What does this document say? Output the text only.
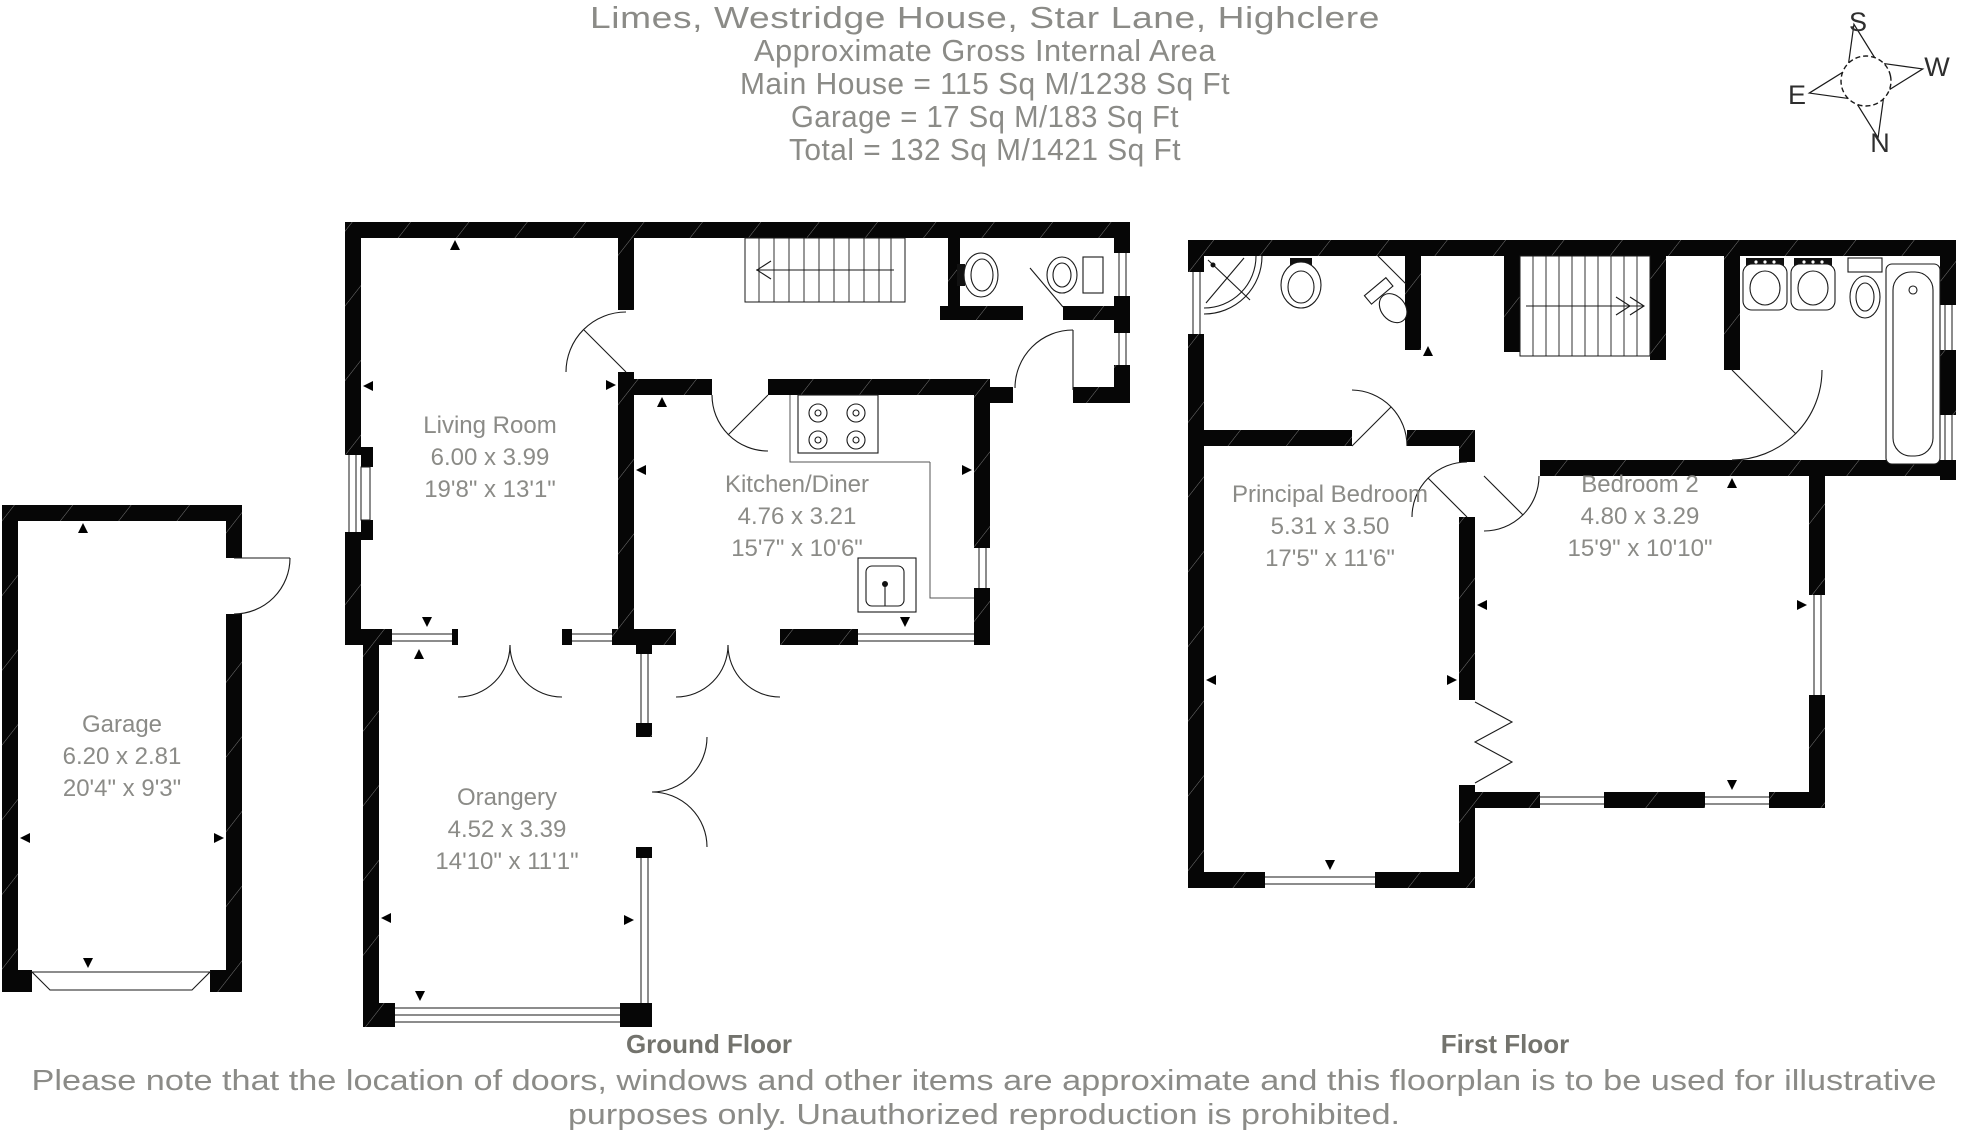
Limes, Westridge House, Star Lane, Highclere
Approximate Gross Internal Area
Main House = 115 Sq M/1238 Sq Ft
Garage = 17 Sq M/183 Sq Ft
Total = 132 Sq M/1421 Sq Ft
S
W
E
N
Living Room
6.00 x 3.99
19'8" x 13'1"	Kitchen/Diner
4.76 x 3.21
15'7" x 10'6"
Orangery
4.52 x 3.39
14'10" x 11'1"
Garage
6.20 x 2.81
20'4" x 9'3"
Principal Bedroom
5.31 x 3.50
17'5" x 11'6"
Bedroom 2
4.80 x 3.29
15'9" x 10'10"
Ground Floor	First Floor
Please note that the location of doors, windows and other items are approximate and this floorplan is to be used for illustrative
purposes only. Unauthorized reproduction is prohibited.
